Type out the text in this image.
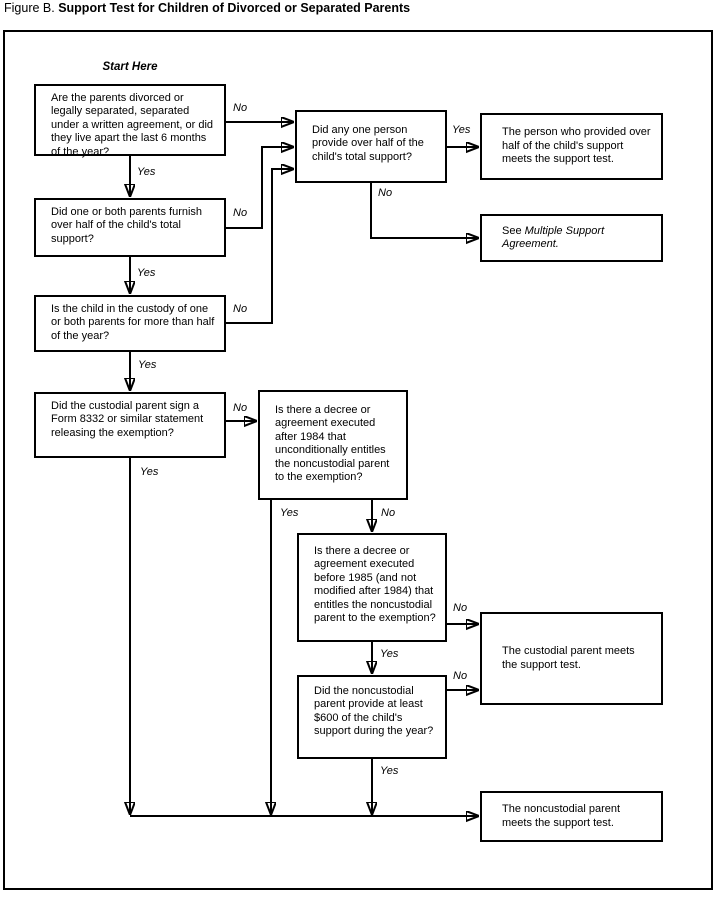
Figure B. Support Test for Children of Divorced or Separated Parents
Start Here
Are the parents divorced or legally separated, separated under a written agreement, or did they live apart the last 6 months of the year?
Did any one person provide over half of the child's total support?
Did one or both parents furnish over half of the child's total support?
Is the child in the custody of one or both parents for more than half of the year?
Did the custodial parent sign a Form 8332 or similar statement releasing the exemption?
Is there a decree or agreement executed after 1984 that unconditionally entitles the noncustodial parent to the exemption?
Is there a decree or agreement executed before 1985 (and not modified after 1984) that entitles the noncustodial parent to the exemption?
Did the noncustodial parent provide at least $600 of the child's support during the year?
The person who provided over half of the child's support meets the support test.
See Multiple Support Agreement.
The custodial parent meets the support test.
The noncustodial parent meets the support test.
No
Yes
No
Yes
No
Yes
No
Yes
Yes
No
Yes	No
No
Yes
No
Yes
